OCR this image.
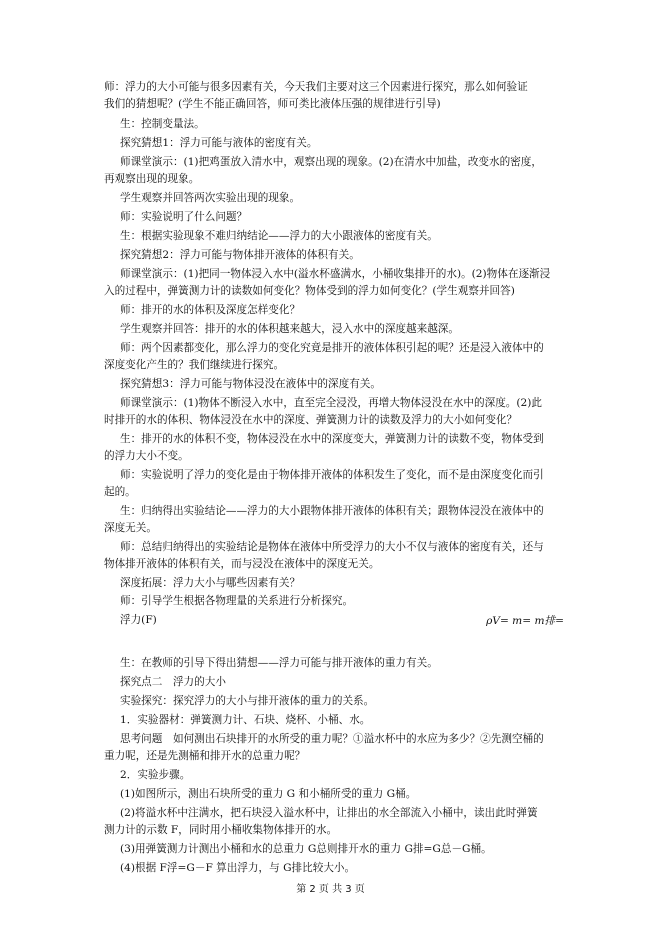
师：浮力的大小可能与很多因素有关，今天我们主要对这三个因素进行探究，那么如何验证
我们的猜想呢？(学生不能正确回答，师可类比液体压强的规律进行引导)
生：控制变量法。
探究猜想1：浮力可能与液体的密度有关。
师课堂演示：(1)把鸡蛋放入清水中，观察出现的现象。(2)在清水中加盐，改变水的密度，
再观察出现的现象。
学生观察并回答两次实验出现的现象。
师：实验说明了什么问题？
生：根据实验现象不难归纳结论——浮力的大小跟液体的密度有关。
探究猜想2：浮力可能与物体排开液体的体积有关。
师课堂演示：(1)把同一物体浸入水中(溢水杯盛满水，小桶收集排开的水)。(2)物体在逐渐浸
入的过程中，弹簧测力计的读数如何变化？物体受到的浮力如何变化？(学生观察并回答)
师：排开的水的体积及深度怎样变化？
学生观察并回答：排开的水的体积越来越大，浸入水中的深度越来越深。
师：两个因素都变化，那么浮力的变化究竟是排开的液体体积引起的呢？还是浸入液体中的
深度变化产生的？我们继续进行探究。
探究猜想3：浮力可能与物体浸没在液体中的深度有关。
师课堂演示：(1)物体不断浸入水中，直至完全浸没，再增大物体浸没在水中的深度。(2)此
时排开的水的体积、物体浸没在水中的深度、弹簧测力计的读数及浮力的大小如何变化？
生：排开的水的体积不变，物体浸没在水中的深度变大，弹簧测力计的读数不变，物体受到
的浮力大小不变。
师：实验说明了浮力的变化是由于物体排开液体的体积发生了变化，而不是由深度变化而引
起的。
生：归纳得出实验结论——浮力的大小跟物体排开液体的体积有关；跟物体浸没在液体中的
深度无关。
师：总结归纳得出的实验结论是物体在液体中所受浮力的大小不仅与液体的密度有关，还与
物体排开液体的体积有关，而与浸没在液体中的深度无关。
深度拓展：浮力大小与哪些因素有关？
师：引导学生根据各物理量的关系进行分析探究。
浮力(F)	ρV= m= m排=
生：在教师的引导下得出猜想——浮力可能与排开液体的重力有关。
探究点二　浮力的大小
实验探究：探究浮力的大小与排开液体的重力的关系。
1．实验器材：弹簧测力计、石块、烧杯、小桶、水。
思考问题　如何测出石块排开的水所受的重力呢？①溢水杯中的水应为多少？②先测空桶的
重力呢，还是先测桶和排开水的总重力呢？
2．实验步骤。
(1)如图所示，测出石块所受的重力 G 和小桶所受的重力 G桶。
(2)将溢水杯中注满水，把石块浸入溢水杯中，让排出的水全部流入小桶中，读出此时弹簧
测力计的示数 F，同时用小桶收集物体排开的水。
(3)用弹簧测力计测出小桶和水的总重力 G总则排开水的重力 G排=G总－G桶。
(4)根据 F浮=G－F 算出浮力，与 G排比较大小。
第 2 页 共 3 页
